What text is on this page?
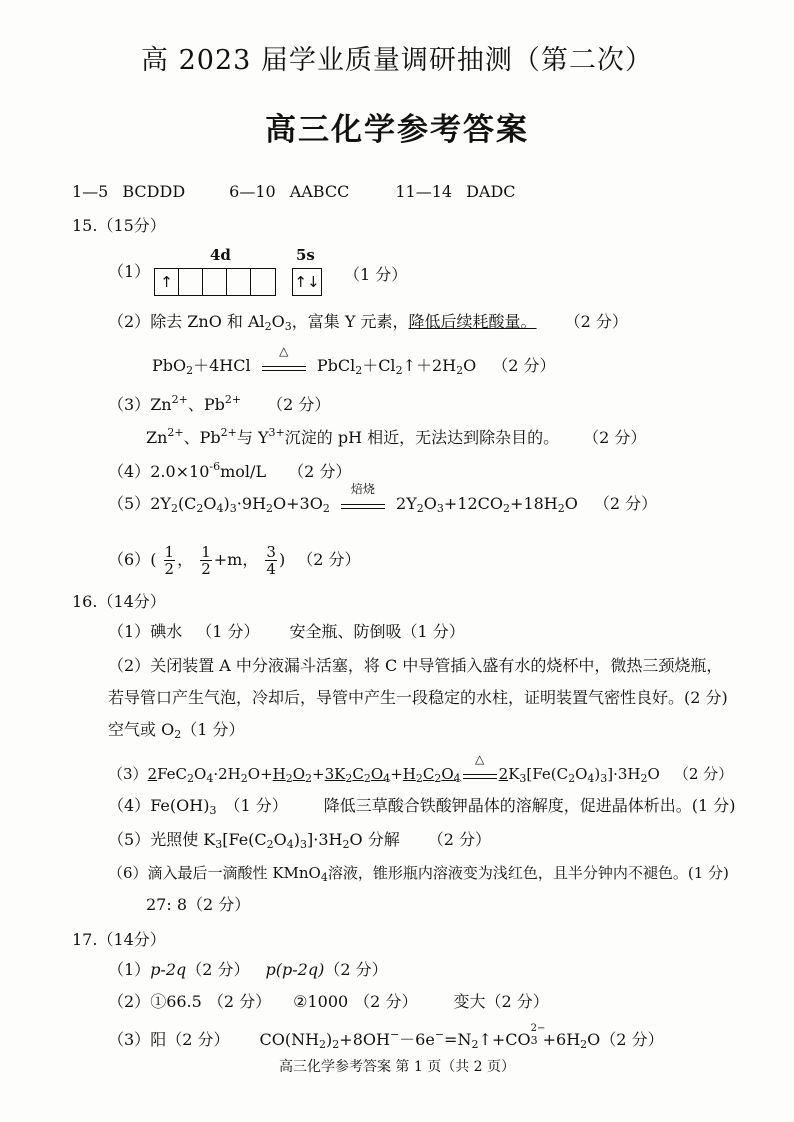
高 2023 届学业质量调研抽测（第二次）
高三化学参考答案
1—5 BCDDD	6—10 AABCC	11—14 DADC
15.（15分）
（1）
4d	5s
↑	↑↓ （1 分）
（2）除去 ZnO 和 $Al_2O_3$，富集 Y 元素，降低后续耗酸量。 （2 分）
PbO$_2$＋4HCl
△
$PbCl_2+Cl_2↑+2H_2O$ （2 分）
$(3)Zn^{2+}$、$Pb^{2+}$ （2 分）
$Zn^{2+}$、$Pb^{2+}$与 $Y^{3+}$沉淀的 pH 相近，无法达到除杂目的。 （2 分）
$(4)2.0\times 10^{-6}mol/L$ （2 分）
$(5)2Y_2(C_2O_4)_3\cdot 9H_2O+3O_2$
焙烧
$2Y_2O_3+12CO_2+18H_2O$ （2 分）
$(6)( \frac{1}{2}$ ， $\frac{1}{2} +m$， $\frac{3}{4}$ ) （2 分）
16.（14分）
（1）碘水 （1 分） 安全瓶、防倒吸（1 分）
（2）关闭装置 A 中分液漏斗活塞，将 C 中导管插入盛有水的烧杯中，微热三颈烧瓶，
若导管口产生气泡，冷却后，导管中产生一段稳定的水柱，证明装置气密性良好。(2 分)
空气或 $O_2(1$ 分）
$(3)2FeC_2O_4\cdot 2H_2O+H_2O_2+3K_2C_2O_4+H_2C_2O_4$
△
$2K_3[Fe(C_2O_4)_3]\cdot 3H_2O$ （2 分）
$(4)Fe(OH)_3$ （1 分） 降低三草酸合铁酸钾晶体的溶解度，促进晶体析出。(1 分)
（5）光照使 $K_3[Fe(C_2O_4)_3]\cdot 3H_2O$ 分解 （2 分）
（6）滴入最后一滴酸性 KMnO$_4$溶液，锥形瓶内溶液变为浅红色，且半分钟内不褪色。(1 分)
27: 8（2 分）
17.（14分）
（1）p-2q（2 分） p(p-2q)（2 分）
（2）①66.5 （2 分） ②1000 （2 分） 变大（2 分）
（3）阳（2 分） $CO(NH_2)_2+8OH^--6e^-=N_2↑+CO$
2−
$3 +6H_2O(2$ 分）
高三化学参考答案 第 1 页（共 2 页）
